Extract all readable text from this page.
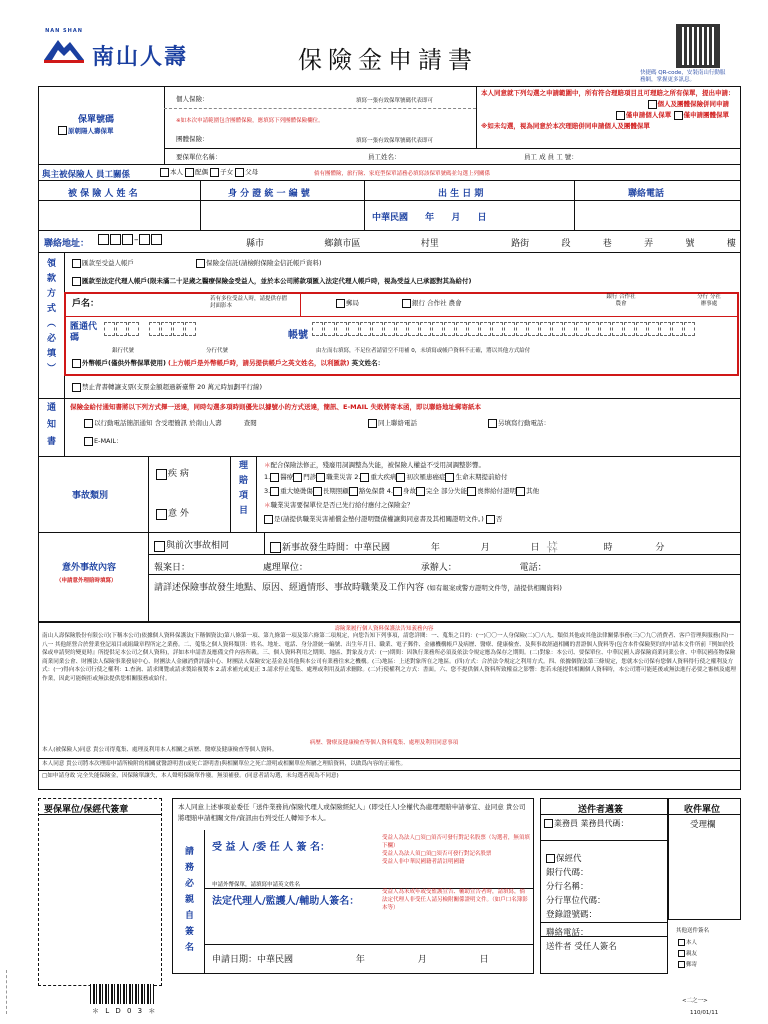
NAN SHAN
南山人壽	保險金申請書	快捷碼 QR-code，安裝南山行動服務網，掌握更多訊息。
保單號碼
原朝陽人壽保單
個人保險：	填寫一張有效保單號碼代表即可
※如本次申請範圍包含團體保險，應填寫下列團體保險欄位。
團體保險：	填寫一張有效保單號碼代表即可
要保單位名稱：	員工姓名：	員工 成 員 工 號：
本人同意就下列勾選之申請範圍中，所有符合理賠項目且可理賠之所有保單，提出申請：
個人及團體保險併同申請
僅申請個人保單 僅申請團體保單
※如未勾選，視為同意於本次理賠併同申請個人及團體保單
與主被保險人 員工關係	本人 配偶 子女 父母	倘有團體險，旅行險、家庭型保單請務必填寫該保單號碼並勾選上列關係
被 保 險 人 姓 名	身 分 證 統 一 編 號	出 生 日 期	聯絡電話
中華民國 年 月 日
聯絡地址：	–	縣市	鄉鎮市區	村里	路街	段	巷	弄	號	樓
領款方式（必填）	匯款至受益人帳戶	保險金信託(請檢附保險金信託帳戶資料)
匯款至法定代理人帳戶(限未滿二十足歲之醫療保險金受益人，並於本公司將款項匯入法定代理人帳戶時，視為受益人已承認對其為給付)
戶名：	若有多位受益人時，請提供存摺封面影本	郵局	銀行 合作社 農會
銀行 合作社 農會
分行 分社 辦事處
匯通代碼

銀行代號	分行代號
帳號
由左而右填寫，不足位者請留空不用補 0，未填寫或帳戶資料不正確，將以其他方式給付
外幣帳戶(僅供外幣保單使用) (上方帳戶是外幣帳戶時，請另提供帳戶之英文姓名，以利匯款) 英文姓名：
禁止背書轉讓支票(支票金額超過新臺幣 20 萬元時加劃平行線)
通知書	保險金給付通知書將以下列方式擇一送達，同時勾選多項時則優先以據號小的方式送達，簡訊、E-MAIL 失敗將寄本函，即以聯絡地址郵寄紙本
以行動電話簡訊通知 含受理簡訊 於南山人壽	查閱	同上聯絡電話	另填寫行動電話：
E-MAIL：
事故類別
疾 病
意 外	理賠項目	＊配合保險法修正，殘廢用詞調整為失能，被保險人權益不受用詞調整影響。
1. 醫療 門診 職業災害 2. 重大疾病 初次罹患癌症 生命末期提前給付
3. 重大燒燙傷 長期照顧 豁免保費 4. 身故 完全 部分失能 喪葬給付證明 其他
＊職業災害要保單位是否已先行給付應付之保險金？
是(請提供職業災害補償金墊付證明暨債權讓與同意書及其相關證明文件。) 否
意外事故內容
（申請意外理賠時填寫）
與前次事故相同	新事故發生時間：中華民國	年	月	日 上午 下午	時	分
報案日：	處理單位：	承辦人：	電話：
請詳述保險事故發生地點、原因、經過情形、事故時職業及工作內容 (如有報案或警方證明文件等，請提供相關資料)
壽險業履行個人資料保護法告知義務內容
南山人壽保險股份有限公司(下稱本公司)依據個人資料保護法(下稱個資法)第八條第一項、第九條第一項及第六條第二項規定，向您告知下列事項，請您詳閱：一、蒐集之目的：(一)〇〇一人身保險(二)〇八九、類似其他或其他法律關係事務(三)〇九〇消費者、客戶管理與服務(四)一八一 其他經營合於營業登記項目或組織章程所定之業務。二、蒐集之個人資料類別：姓名、地址、電話、身分證統一編號、出生年月日、職業、電子郵件、金融機構帳戶及病歷、醫療、健康檢查、及與事故經過相關的書證個人資料等(包含本件保險契約的申請本文件所前『例如於投保或申請契約變更時』所提供足本公司之個人資料)，詳如本申請書及應備文件內容所載。三、個人資料利用之期間、地區、對象及方式：(一)期間：因執行業務所必須及依法令規定應為保存之期間。(二)對象：本公司、要保單位、中華民國人壽保險商業同業公會、中華民國產物保險商業同業公會、財團法人保險事業發展中心、財團法人金融消費評議中心、財團法人保險安定基金及其他與本公司有業務往來之機構。(三)地區：上述對象所在之地區。(四)方式：合於法令規定之利用方式。四、依據個資法第三條規定，您就本公司保有您個人資料得行使之權利及方式：(一)得向本公司行使之權利：1.查詢、請求閱覽或請求製給複製本 2.請求補充或更正 3.請求停止蒐集、處理或利用及請求刪除。(二)行使權利之方式：書面。六、您不提供個人資料所致權益之影響：您若未能提供相關個人資料時，本公司將可能延後或無法進行必要之審核及處理作業，因此可能婉拒或無法提供您相關服務或給付。
病歷、醫療及健康檢查等個人資料蒐集、處理及利用同意事項
本人(被保險人)同意 貴公司得蒐集、處理及利用本人相關之病歷、醫療及健康檢查等個人資料。
本人同意 貴公司將本次理賠申請所檢附的相關就醫證明書(或死亡證明書)與相關單位之死亡證明或相關單位所屬之理賠資料，以做爲內容的正確性。
□如申請身故 完全失能保險金，因保險單讓失，本人聲明保險單作廢。無須補發。(同意者請勾選，未勾選者視為不同意)
要保單位/保經代簽章	本人同意上述事項並委任「送件業務員/保險代理人或保險經紀人」(即受任人)全權代為處理理賠申請事宜、並同意 貴公司將理賠申請相關文件/資訊由右列受任人轉知予本人。
請務必親自簽名 受 益 人 /委 任 人 簽 名：
受益人為法人□須□須否可發行對記名股票（勾選者，無須填下欄）
受益人為法人須□須□須否可發行對記名股票
受益人非中華民國籍者請註明國籍
申請外幣保單，請填寫申請英文姓名
法定代理人/監護人/輔助人簽名：
受益人為未成年或受監護宣告、輔助宣告者時，請填寫，倘法定代理人非受任人請另檢附關係證明文件。（如戶口名簿影本等）
申請日期：中華民國	年	月	日
送件者邁簽
業務員 業務員代碼：
保經代
銀行代碼：
分行名稱：
分行單位代碼：
登錄證號碼：
聯絡電話：
送件者 受任人簽名
收件單位
受理欄
其他送件簽名
本人
親友
郵寄
＊ L D 0 3 ＊
<二之一>
110/01/11
